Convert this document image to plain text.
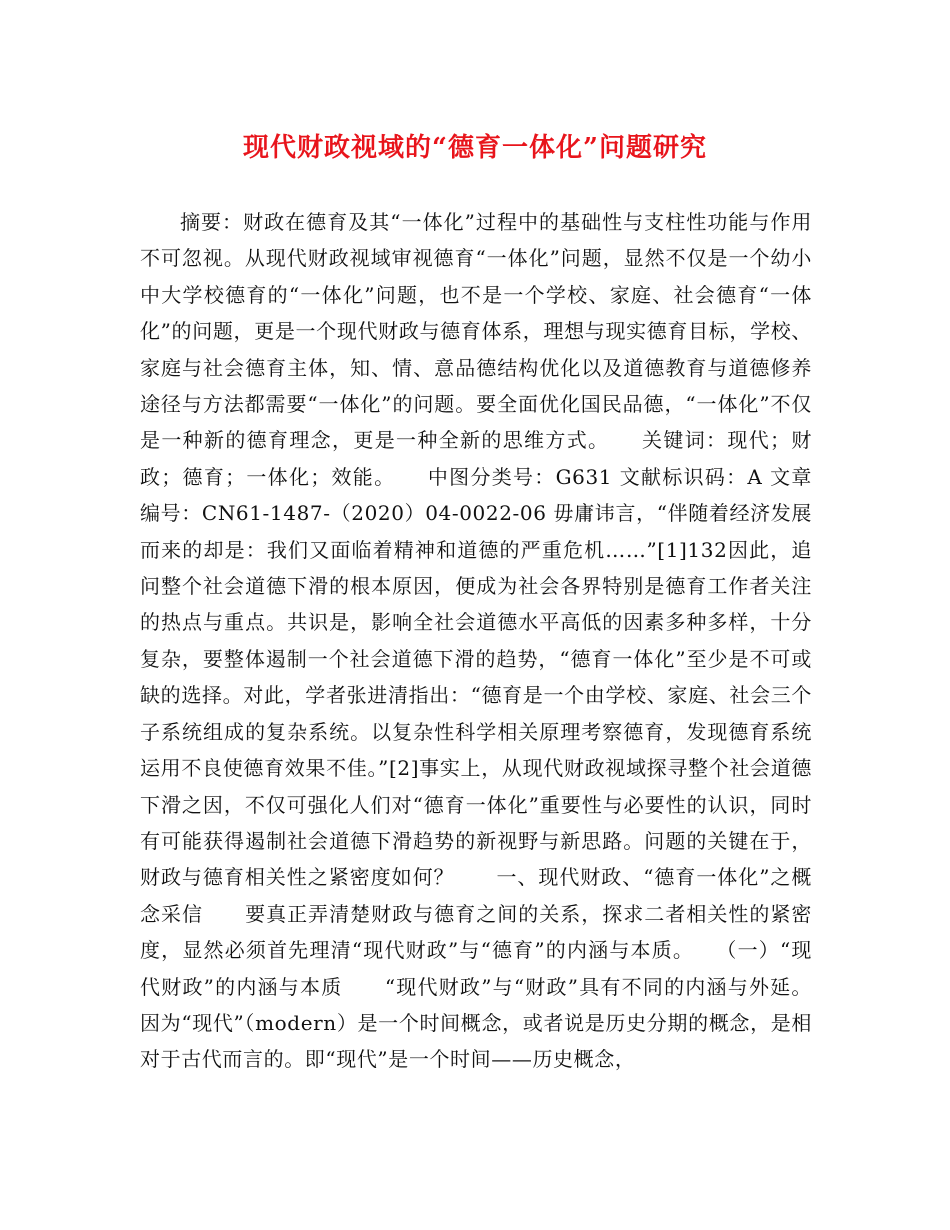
现代财政视域的“德育一体化”问题研究

摘要：财政在德育及其“一体化”过程中的基础性与支柱性功能与作用不可忽视。从现代财政视域审视德育“一体化”问题，显然不仅是一个幼小中大学校德育的“一体化”问题，也不是一个学校、家庭、社会德育“一体化”的问题，更是一个现代财政与德育体系，理想与现实德育目标，学校、家庭与社会德育主体，知、情、意品德结构优化以及道德教育与道德修养途径与方法都需要“一体化”的问题。要全面优化国民品德，“一体化”不仅是一种新的德育理念，更是一种全新的思维方式。　　关键词：现代；财政；德育；一体化；效能。　　中图分类号：G631 文献标识码：A 文章编号：CN61-1487-（2020）04-0022-06 毋庸讳言，“伴随着经济发展而来的却是：我们又面临着精神和道德的严重危机……”[1]132因此，追问整个社会道德下滑的根本原因，便成为社会各界特别是德育工作者关注的热点与重点。共识是，影响全社会道德水平高低的因素多种多样，十分复杂，要整体遏制一个社会道德下滑的趋势，“德育一体化”至少是不可或缺的选择。对此，学者张进清指出：“德育是一个由学校、家庭、社会三个子系统组成的复杂系统。以复杂性科学相关原理考察德育，发现德育系统运用不良使德育效果不佳。”[2]事实上，从现代财政视域探寻整个社会道德下滑之因，不仅可强化人们对“德育一体化”重要性与必要性的认识，同时有可能获得遏制社会道德下滑趋势的新视野与新思路。问题的关键在于，财政与德育相关性之紧密度如何？　　一、现代财政、“德育一体化”之概念采信　　要真正弄清楚财政与德育之间的关系，探求二者相关性的紧密度，显然必须首先理清“现代财政”与“德育”的内涵与本质。　　（一）“现代财政”的内涵与本质　　“现代财政”与“财政”具有不同的内涵与外延。因为“现代”（modern）是一个时间概念，或者说是历史分期的概念，是相对于古代而言的。即“现代”是一个时间——历史概念，
